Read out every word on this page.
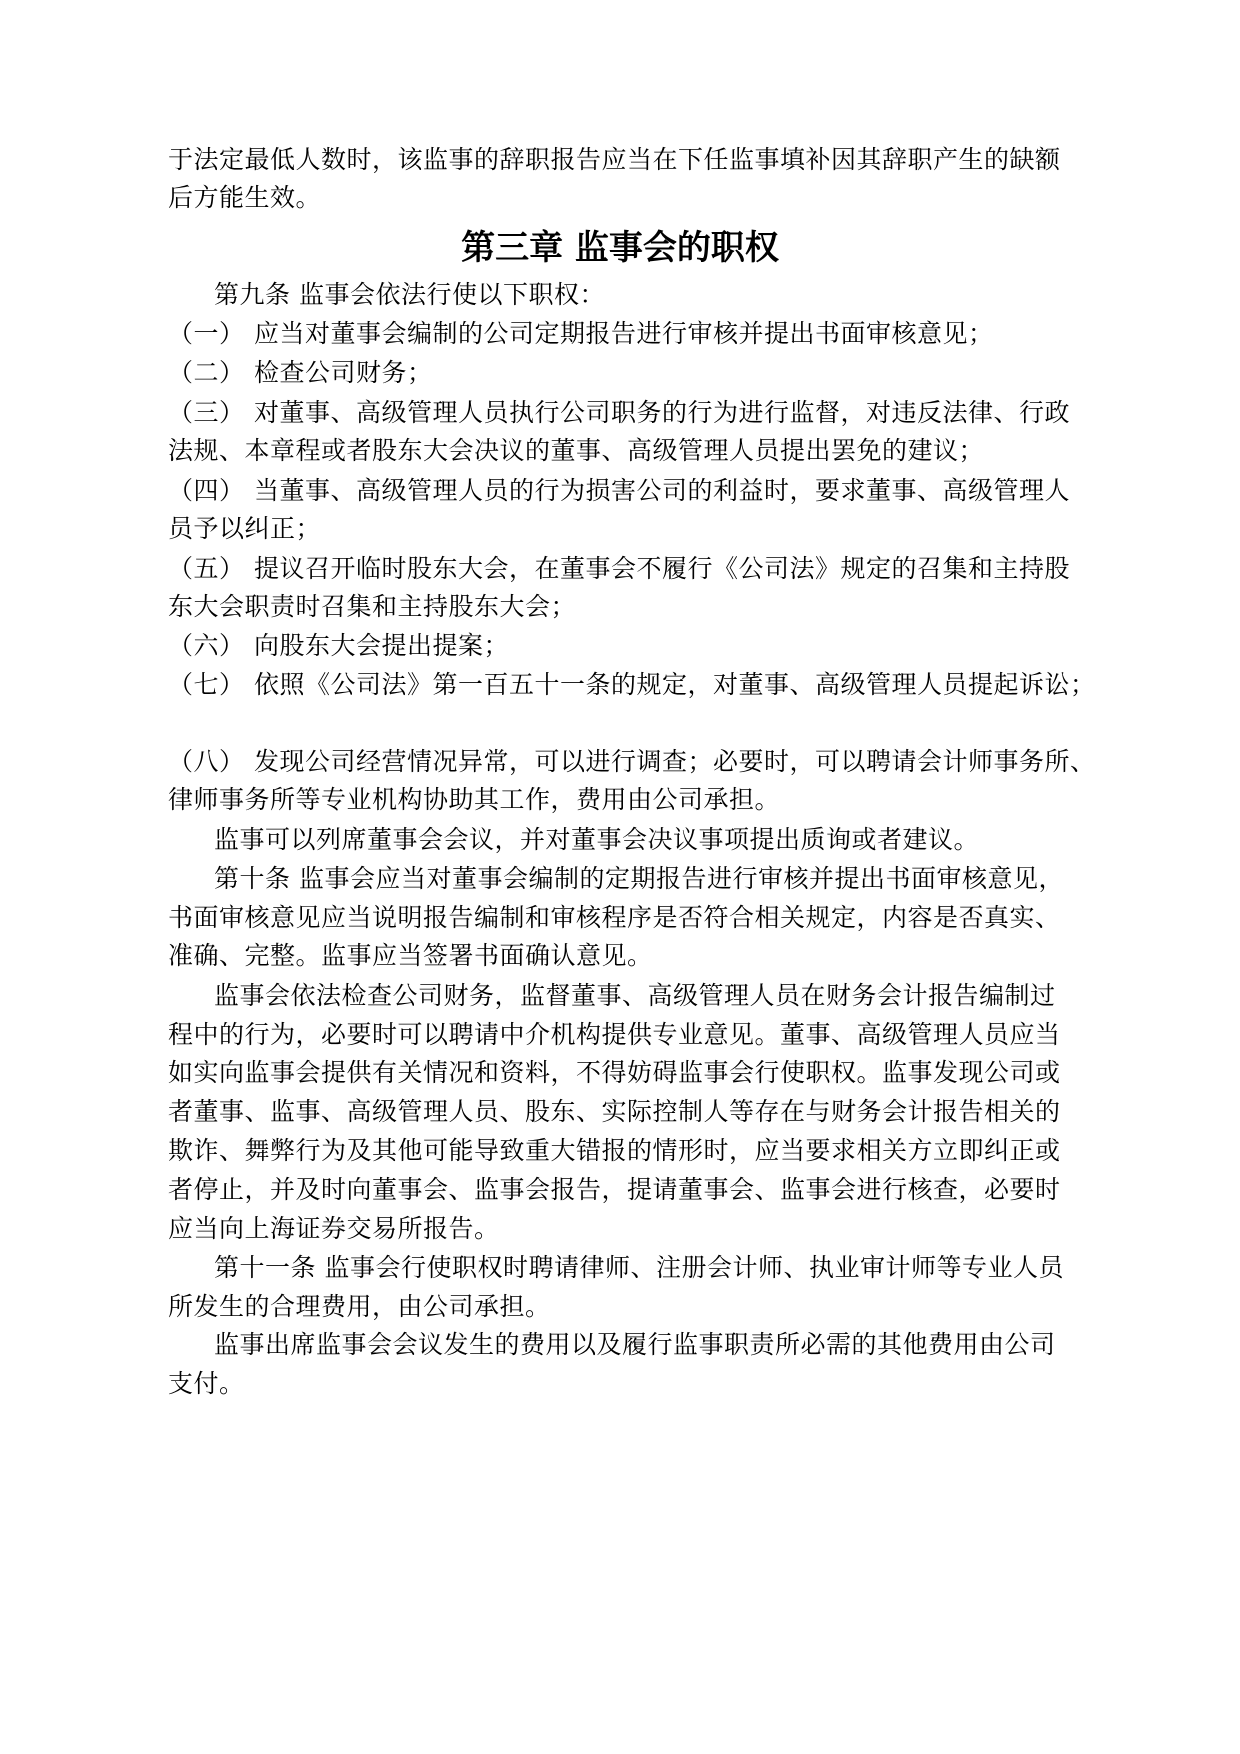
于法定最低人数时，该监事的辞职报告应当在下任监事填补因其辞职产生的缺额

后方能生效。

第三章 监事会的职权

第九条 监事会依法行使以下职权：

（一） 应当对董事会编制的公司定期报告进行审核并提出书面审核意见；

（二） 检查公司财务；

（三） 对董事、高级管理人员执行公司职务的行为进行监督，对违反法律、行政

法规、本章程或者股东大会决议的董事、高级管理人员提出罢免的建议；

（四） 当董事、高级管理人员的行为损害公司的利益时，要求董事、高级管理人

员予以纠正；

（五） 提议召开临时股东大会，在董事会不履行《公司法》规定的召集和主持股

东大会职责时召集和主持股东大会；

（六） 向股东大会提出提案；

（七） 依照《公司法》第一百五十一条的规定，对董事、高级管理人员提起诉讼；

（八） 发现公司经营情况异常，可以进行调查；必要时，可以聘请会计师事务所、

律师事务所等专业机构协助其工作，费用由公司承担。

监事可以列席董事会会议，并对董事会决议事项提出质询或者建议。

第十条 监事会应当对董事会编制的定期报告进行审核并提出书面审核意见，

书面审核意见应当说明报告编制和审核程序是否符合相关规定，内容是否真实、

准确、完整。监事应当签署书面确认意见。

监事会依法检查公司财务，监督董事、高级管理人员在财务会计报告编制过

程中的行为，必要时可以聘请中介机构提供专业意见。董事、高级管理人员应当

如实向监事会提供有关情况和资料，不得妨碍监事会行使职权。监事发现公司或

者董事、监事、高级管理人员、股东、实际控制人等存在与财务会计报告相关的

欺诈、舞弊行为及其他可能导致重大错报的情形时，应当要求相关方立即纠正或

者停止，并及时向董事会、监事会报告，提请董事会、监事会进行核查，必要时

应当向上海证券交易所报告。

第十一条 监事会行使职权时聘请律师、注册会计师、执业审计师等专业人员

所发生的合理费用，由公司承担。

监事出席监事会会议发生的费用以及履行监事职责所必需的其他费用由公司

支付。
